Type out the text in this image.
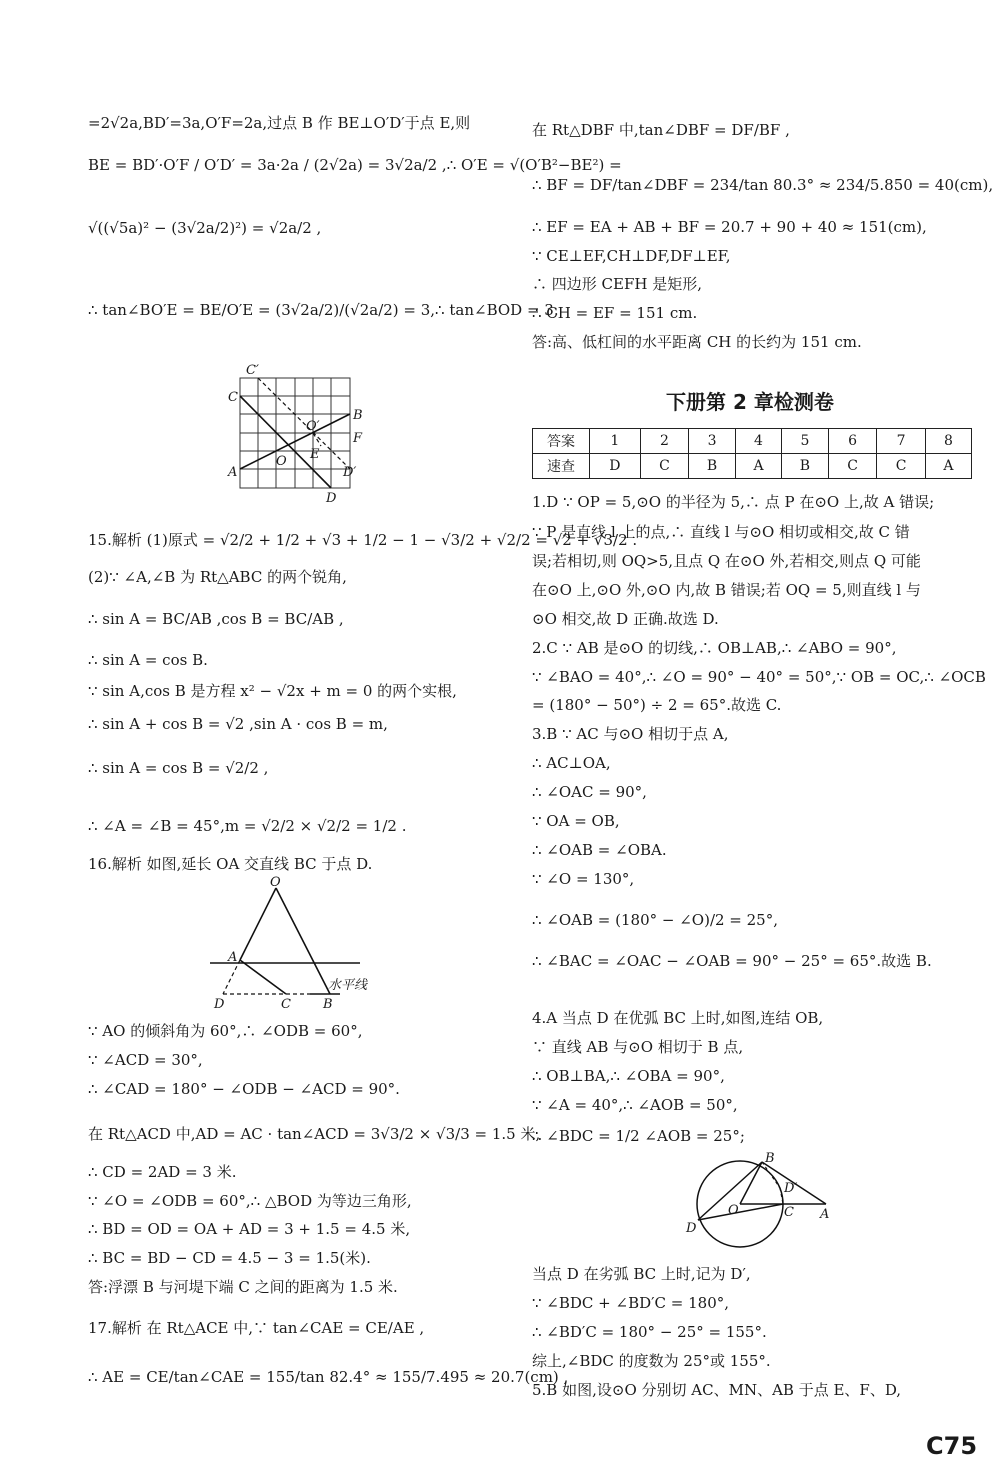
=2√2a,BD′=3a,O′F=2a,过点 B 作 BE⊥O′D′于点 E,则
BE = BD′·O′F / O′D′ = 3a·2a / (2√2a) = 3√2a/2 ,∴ O′E = √(O′B²−BE²) =
√((√5a)² − (3√2a/2)²) = √2a/2 ,
∴ tan∠BO′E = BE/O′E = (3√2a/2)/(√2a/2) = 3,∴ tan∠BOD = 3.
C′
C
B
O′
F
E
O
A	D′
D
15.解析 (1)原式 = √2/2 + 1/2 + √3 + 1/2 − 1 − √3/2 + √2/2 = √2 + √3/2 .
(2)∵ ∠A,∠B 为 Rt△ABC 的两个锐角,
∴ sin A = BC/AB ,cos B = BC/AB ,
∴ sin A = cos B.
∵ sin A,cos B 是方程 x² − √2x + m = 0 的两个实根,
∴ sin A + cos B = √2 ,sin A · cos B = m,
∴ sin A = cos B = √2/2 ,
∴ ∠A = ∠B = 45°,m = √2/2 × √2/2 = 1/2 .
16.解析 如图,延长 OA 交直线 BC 于点 D.
O
A
水平线
D	C B
∵ AO 的倾斜角为 60°,∴ ∠ODB = 60°,
∵ ∠ACD = 30°,
∴ ∠CAD = 180° − ∠ODB − ∠ACD = 90°.
在 Rt△ACD 中,AD = AC · tan∠ACD = 3√3/2 × √3/3 = 1.5 米,
∴ CD = 2AD = 3 米.
∵ ∠O = ∠ODB = 60°,∴ △BOD 为等边三角形,
∴ BD = OD = OA + AD = 3 + 1.5 = 4.5 米,
∴ BC = BD − CD = 4.5 − 3 = 1.5(米).
答:浮漂 B 与河堤下端 C 之间的距离为 1.5 米.
17.解析 在 Rt△ACE 中,∵ tan∠CAE = CE/AE ,
∴ AE = CE/tan∠CAE = 155/tan 82.4° ≈ 155/7.495 ≈ 20.7(cm) ,
在 Rt△DBF 中,tan∠DBF = DF/BF ,
∴ BF = DF/tan∠DBF = 234/tan 80.3° ≈ 234/5.850 = 40(cm),
∴ EF = EA + AB + BF = 20.7 + 90 + 40 ≈ 151(cm),
∵ CE⊥EF,CH⊥DF,DF⊥EF,
∴ 四边形 CEFH 是矩形,
∴ CH = EF = 151 cm.
答:高、低杠间的水平距离 CH 的长约为 151 cm.
下册第 2 章检测卷
答案	1	2	3	4	5	6	7	8
速查	D	C	B	A	B	C	C	A
1.D ∵ OP = 5,⊙O 的半径为 5,∴ 点 P 在⊙O 上,故 A 错误;
∵ P 是直线 l 上的点,∴ 直线 l 与⊙O 相切或相交,故 C 错
误;若相切,则 OQ>5,且点 Q 在⊙O 外,若相交,则点 Q 可能
在⊙O 上,⊙O 外,⊙O 内,故 B 错误;若 OQ = 5,则直线 l 与
⊙O 相交,故 D 正确.故选 D.
2.C ∵ AB 是⊙O 的切线,∴ OB⊥AB,∴ ∠ABO = 90°,
∵ ∠BAO = 40°,∴ ∠O = 90° − 40° = 50°,∵ OB = OC,∴ ∠OCB
= (180° − 50°) ÷ 2 = 65°.故选 C.
3.B ∵ AC 与⊙O 相切于点 A,
∴ AC⊥OA,
∴ ∠OAC = 90°,
∵ OA = OB,
∴ ∠OAB = ∠OBA.
∵ ∠O = 130°,
∴ ∠OAB = (180° − ∠O)/2 = 25°,
∴ ∠BAC = ∠OAC − ∠OAB = 90° − 25° = 65°.故选 B.
4.A 当点 D 在优弧 BC 上时,如图,连结 OB,
∵ 直线 AB 与⊙O 相切于 B 点,
∴ OB⊥BA,∴ ∠OBA = 90°,
∵ ∠A = 40°,∴ ∠AOB = 50°,
∴ ∠BDC = 1/2 ∠AOB = 25°;
B
D′
O	C A
D
当点 D 在劣弧 BC 上时,记为 D′,
∵ ∠BDC + ∠BD′C = 180°,
∴ ∠BD′C = 180° − 25° = 155°.
综上,∠BDC 的度数为 25°或 155°.
5.B 如图,设⊙O 分别切 AC、MN、AB 于点 E、F、D,
C75
